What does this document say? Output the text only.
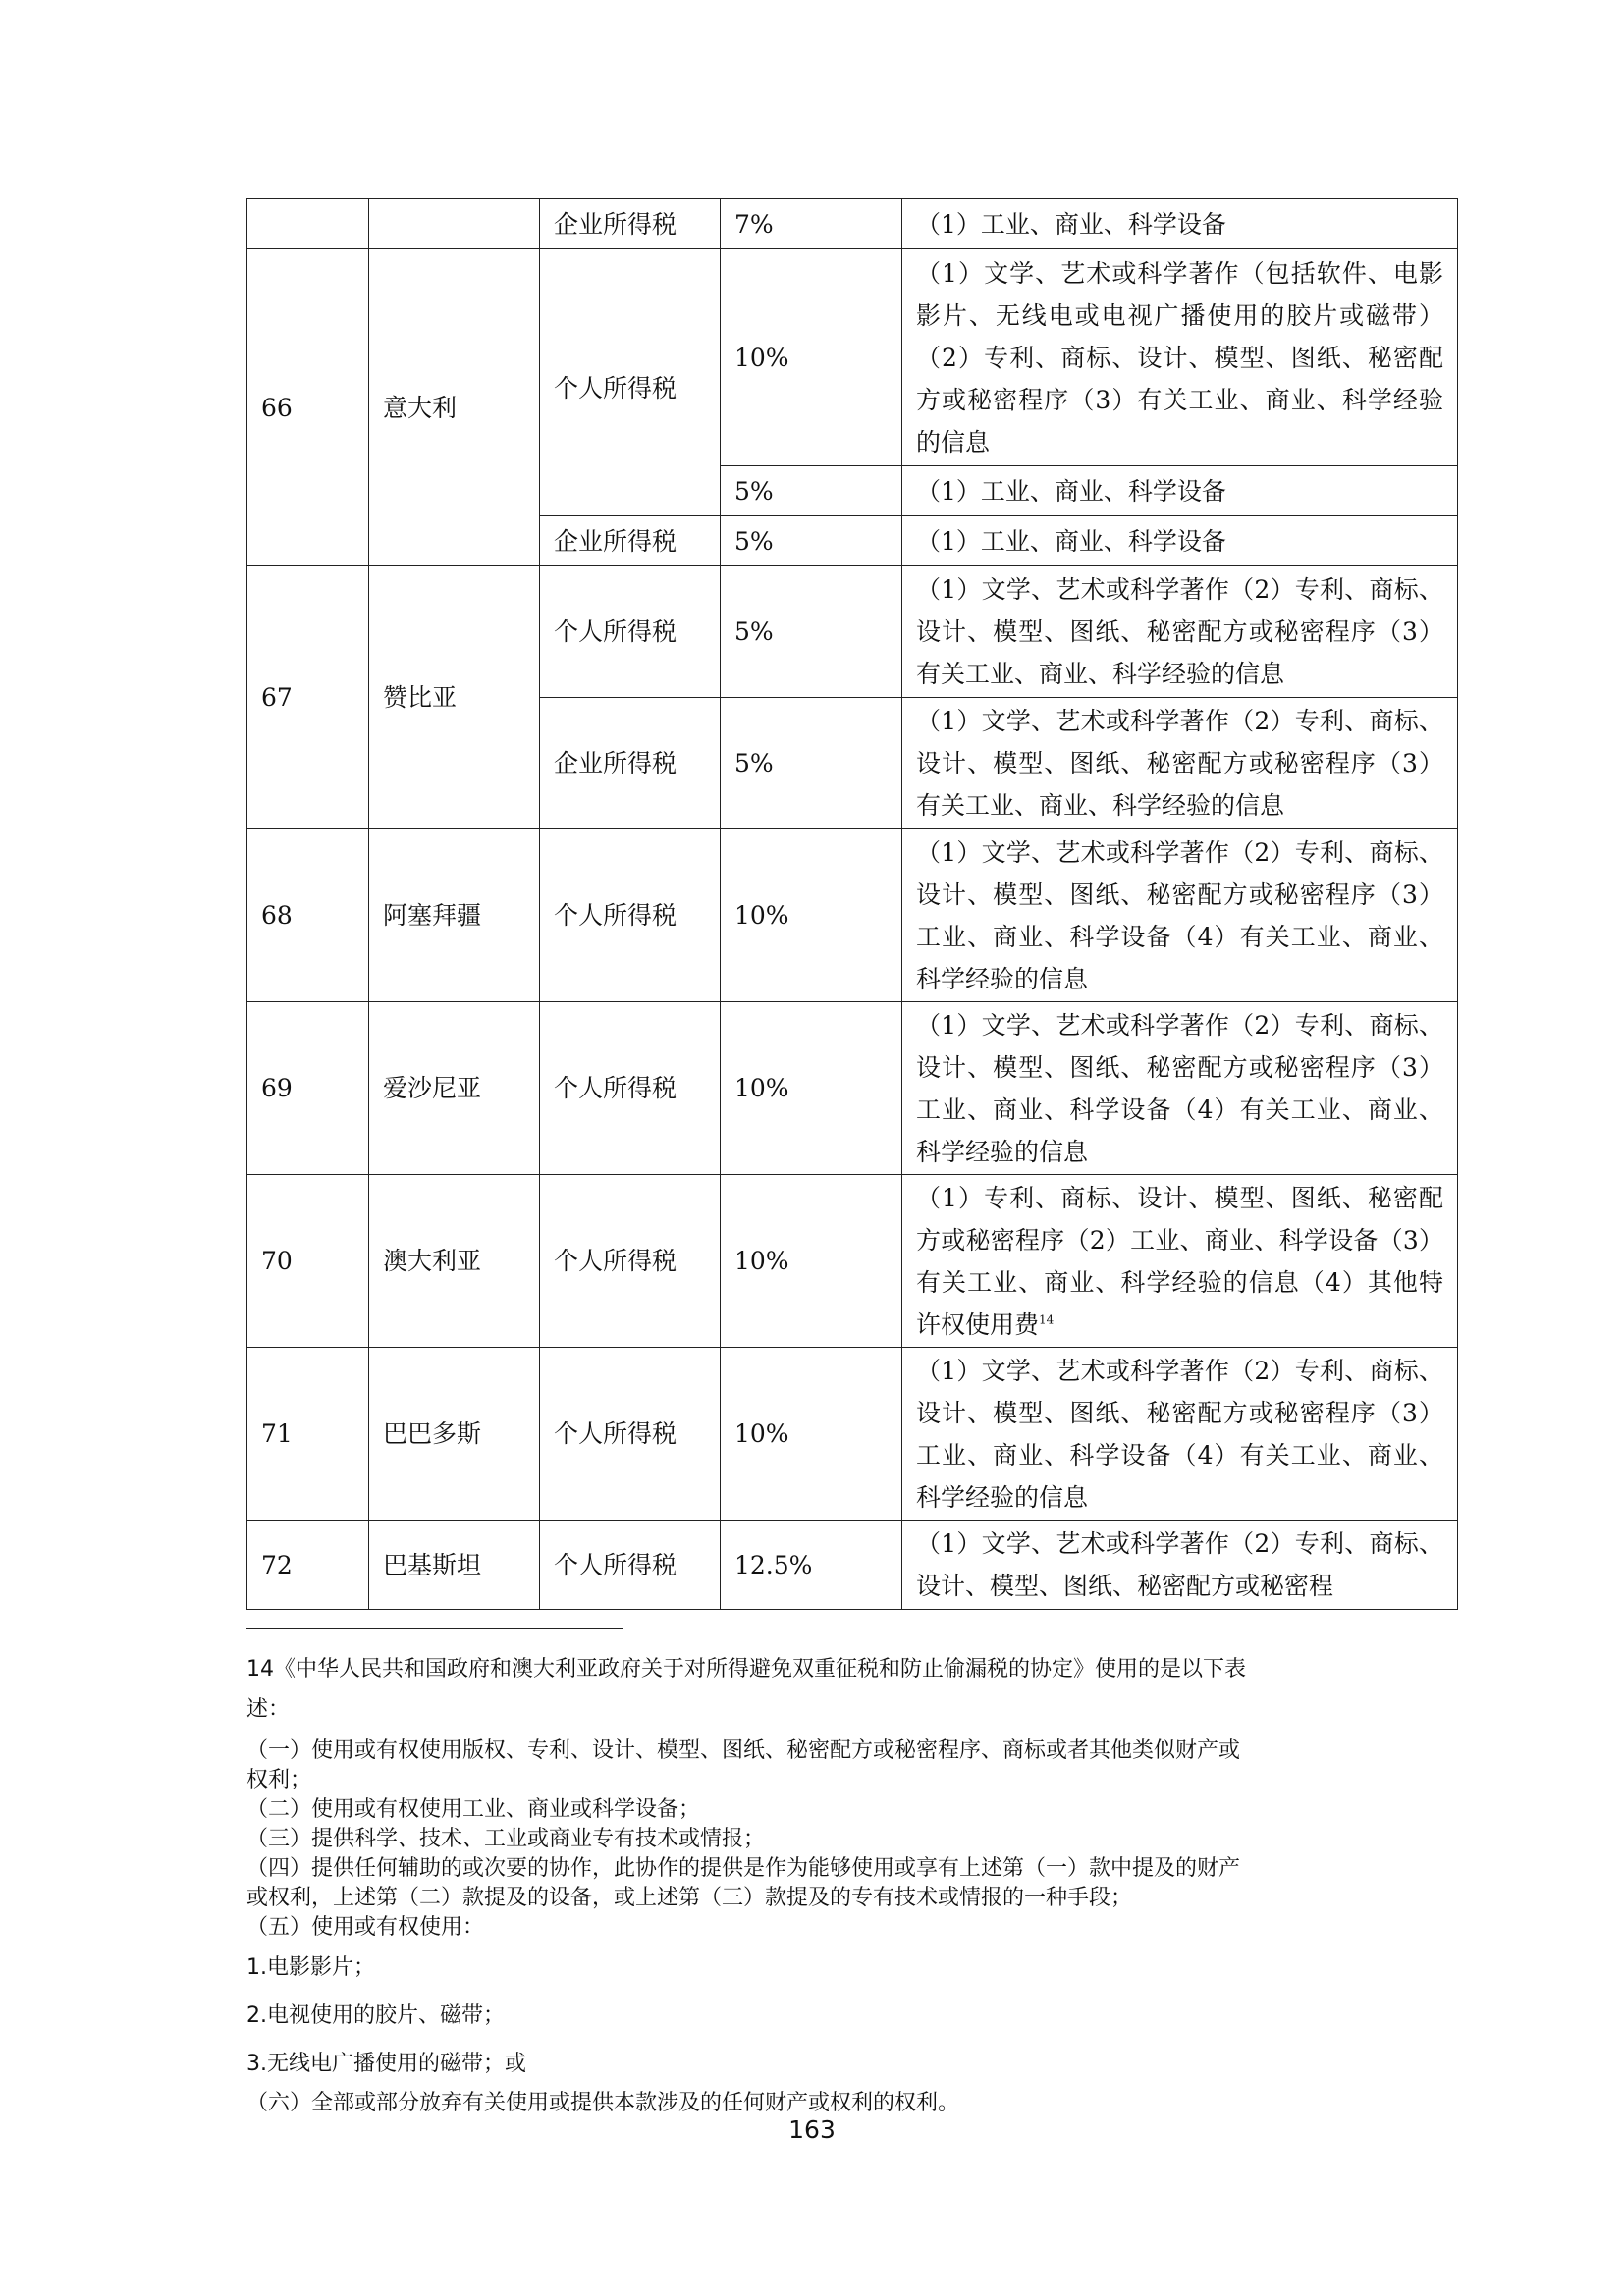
		企业所得税	7%	（1）工业、商业、科学设备

66	意大利	个人所得税	10%	（1）文学、艺术或科学著作（包括软件、电影影片、无线电或电视广播使用的胶片或磁带）（2）专利、商标、设计、模型、图纸、秘密配方或秘密程序（3）有关工业、商业、科学经验的信息

			5%	（1）工业、商业、科学设备

		企业所得税	5%	（1）工业、商业、科学设备

67	赞比亚	个人所得税	5%	（1）文学、艺术或科学著作（2）专利、商标、设计、模型、图纸、秘密配方或秘密程序（3）有关工业、商业、科学经验的信息

		企业所得税	5%	（1）文学、艺术或科学著作（2）专利、商标、设计、模型、图纸、秘密配方或秘密程序（3）有关工业、商业、科学经验的信息

68	阿塞拜疆	个人所得税	10%	（1）文学、艺术或科学著作（2）专利、商标、设计、模型、图纸、秘密配方或秘密程序（3）工业、商业、科学设备（4）有关工业、商业、科学经验的信息

69	爱沙尼亚	个人所得税	10%	（1）文学、艺术或科学著作（2）专利、商标、设计、模型、图纸、秘密配方或秘密程序（3）工业、商业、科学设备（4）有关工业、商业、科学经验的信息

70	澳大利亚	个人所得税	10%	（1）专利、商标、设计、模型、图纸、秘密配方或秘密程序（2）工业、商业、科学设备（3）有关工业、商业、科学经验的信息（4）其他特许权使用费$^{14}$

71	巴巴多斯	个人所得税	10%	（1）文学、艺术或科学著作（2）专利、商标、设计、模型、图纸、秘密配方或秘密程序（3）工业、商业、科学设备（4）有关工业、商业、科学经验的信息

72	巴基斯坦	个人所得税	12.5%	（1）文学、艺术或科学著作（2）专利、商标、设计、模型、图纸、秘密配方或秘密程

14《中华人民共和国政府和澳大利亚政府关于对所得避免双重征税和防止偷漏税的协定》使用的是以下表

述：

（一）使用或有权使用版权、专利、设计、模型、图纸、秘密配方或秘密程序、商标或者其他类似财产或

权利；

（二）使用或有权使用工业、商业或科学设备；

（三）提供科学、技术、工业或商业专有技术或情报；

（四）提供任何辅助的或次要的协作，此协作的提供是作为能够使用或享有上述第（一）款中提及的财产

或权利，上述第（二）款提及的设备，或上述第（三）款提及的专有技术或情报的一种手段；

（五）使用或有权使用：

1.电影影片；

2.电视使用的胶片、磁带；

3.无线电广播使用的磁带；或

（六）全部或部分放弃有关使用或提供本款涉及的任何财产或权利的权利。

163
